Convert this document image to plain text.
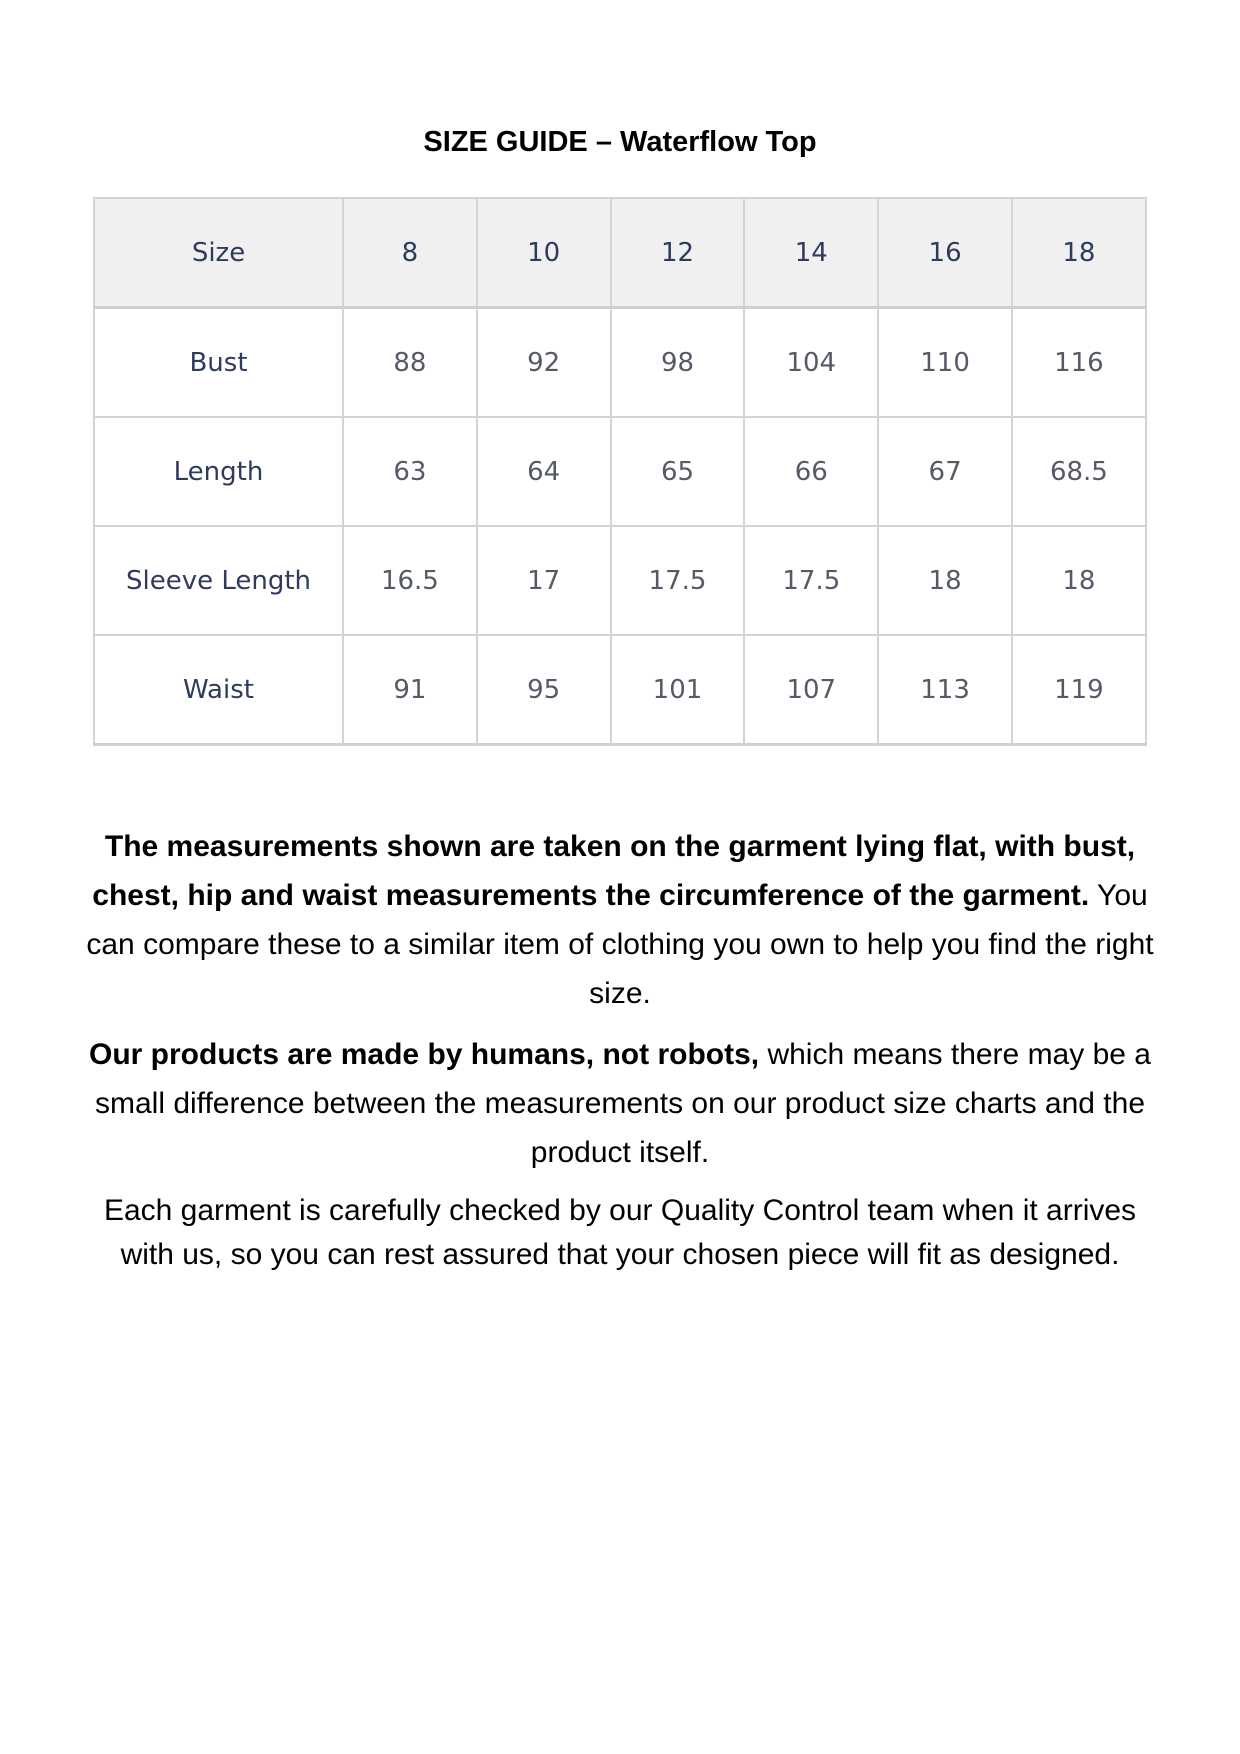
SIZE GUIDE – Waterflow Top
Size	8	10	12	14	16	18
Bust	88	92	98	104	110	116
Length	63	64	65	66	67	68.5
Sleeve Length	16.5	17	17.5	17.5	18	18
Waist	91	95	101	107	113	119

The measurements shown are taken on the garment lying flat, with bust, chest, hip and waist measurements the circumference of the garment. You can compare these to a similar item of clothing you own to help you find the right size.

Our products are made by humans, not robots, which means there may be a small difference between the measurements on our product size charts and the product itself.

Each garment is carefully checked by our Quality Control team when it arrives with us, so you can rest assured that your chosen piece will fit as designed.
